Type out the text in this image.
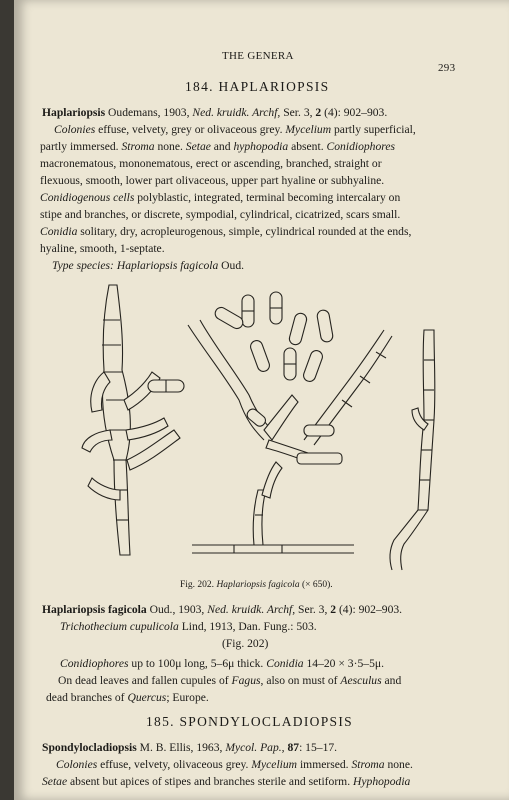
THE GENERA
293
184. HAPLARIOPSIS
Haplariopsis Oudemans, 1903, Ned. kruidk. Archf, Ser. 3, 2 (4): 902–903.
Colonies effuse, velvety, grey or olivaceous grey. Mycelium partly superficial,
partly immersed. Stroma none. Setae and hyphopodia absent. Conidiophores
macronematous, mononematous, erect or ascending, branched, straight or
flexuous, smooth, lower part olivaceous, upper part hyaline or subhyaline.
Conidiogenous cells polyblastic, integrated, terminal becoming intercalary on
stipe and branches, or discrete, sympodial, cylindrical, cicatrized, scars small.
Conidia solitary, dry, acropleurogenous, simple, cylindrical rounded at the ends,
hyaline, smooth, 1-septate.
Type species: Haplariopsis fagicola Oud.
Fig. 202. Haplariopsis fagicola (× 650).
Haplariopsis fagicola Oud., 1903, Ned. kruidk. Archf, Ser. 3, 2 (4): 902–903.
Trichothecium cupulicola Lind, 1913, Dan. Fung.: 503.
(Fig. 202)
Conidiophores up to 100μ long, 5–6μ thick. Conidia 14–20 × 3·5–5μ.
On dead leaves and fallen cupules of Fagus, also on must of Aesculus and
dead branches of Quercus; Europe.
185. SPONDYLOCLADIOPSIS
Spondylocladiopsis M. B. Ellis, 1963, Mycol. Pap., 87: 15–17.
Colonies effuse, velvety, olivaceous grey. Mycelium immersed. Stroma none.
Setae absent but apices of stipes and branches sterile and setiform. Hyphopodia
